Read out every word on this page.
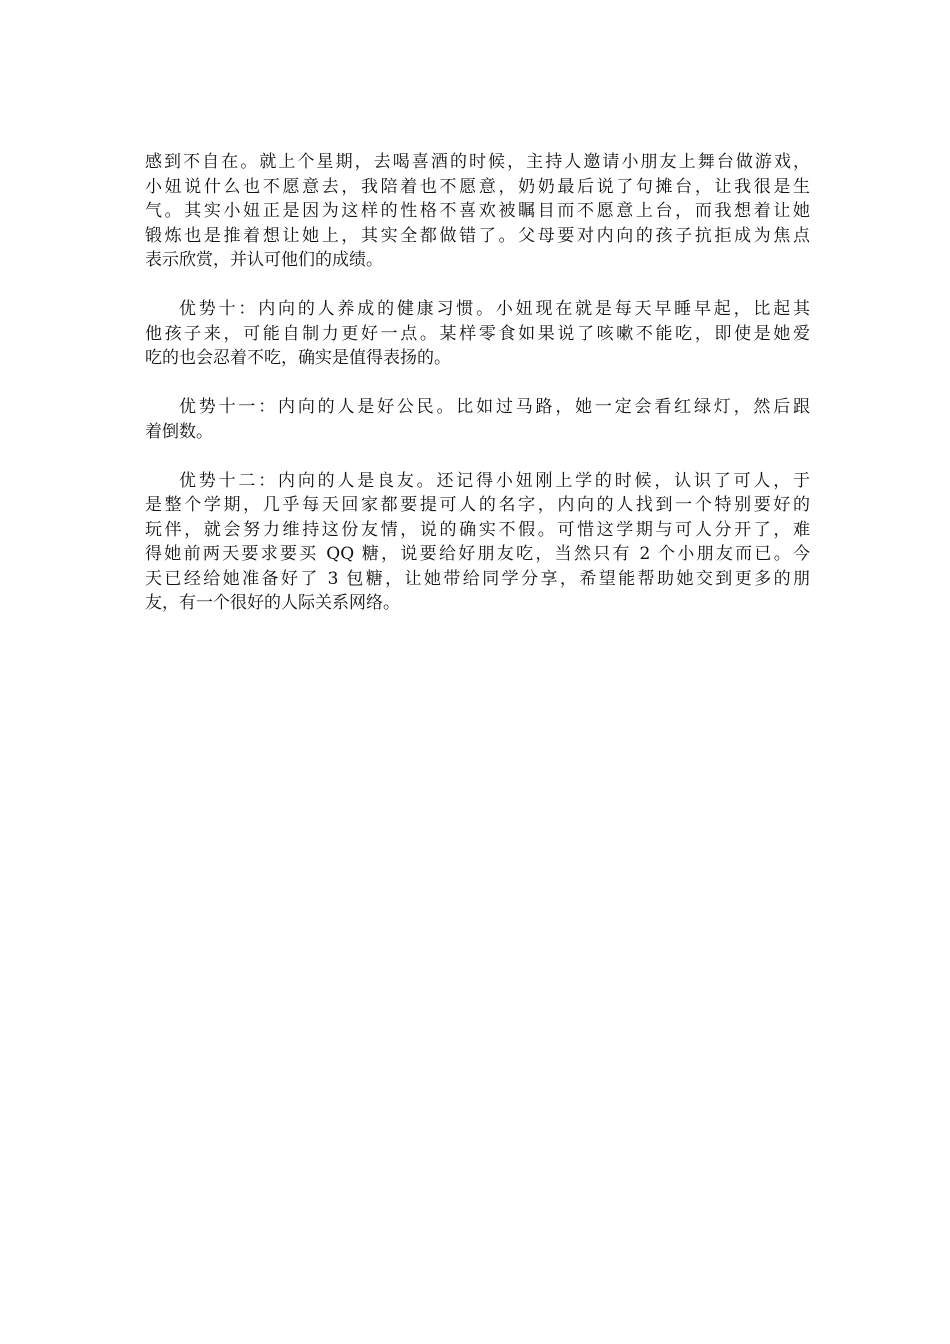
感到不自在。就上个星期，去喝喜酒的时候，主持人邀请小朋友上舞台做游戏，
小妞说什么也不愿意去，我陪着也不愿意，奶奶最后说了句摊台，让我很是生
气。其实小妞正是因为这样的性格不喜欢被瞩目而不愿意上台，而我想着让她
锻炼也是推着想让她上，其实全都做错了。父母要对内向的孩子抗拒成为焦点
表示欣赏，并认可他们的成绩。

优势十：内向的人养成的健康习惯。小妞现在就是每天早睡早起，比起其
他孩子来，可能自制力更好一点。某样零食如果说了咳嗽不能吃，即使是她爱
吃的也会忍着不吃，确实是值得表扬的。

优势十一：内向的人是好公民。比如过马路，她一定会看红绿灯，然后跟
着倒数。

优势十二：内向的人是良友。还记得小妞刚上学的时候，认识了可人，于
是整个学期，几乎每天回家都要提可人的名字，内向的人找到一个特别要好的
玩伴，就会努力维持这份友情，说的确实不假。可惜这学期与可人分开了，难
得她前两天要求要买 QQ 糖，说要给好朋友吃，当然只有 2 个小朋友而已。今
天已经给她准备好了 3 包糖，让她带给同学分享，希望能帮助她交到更多的朋
友，有一个很好的人际关系网络。
